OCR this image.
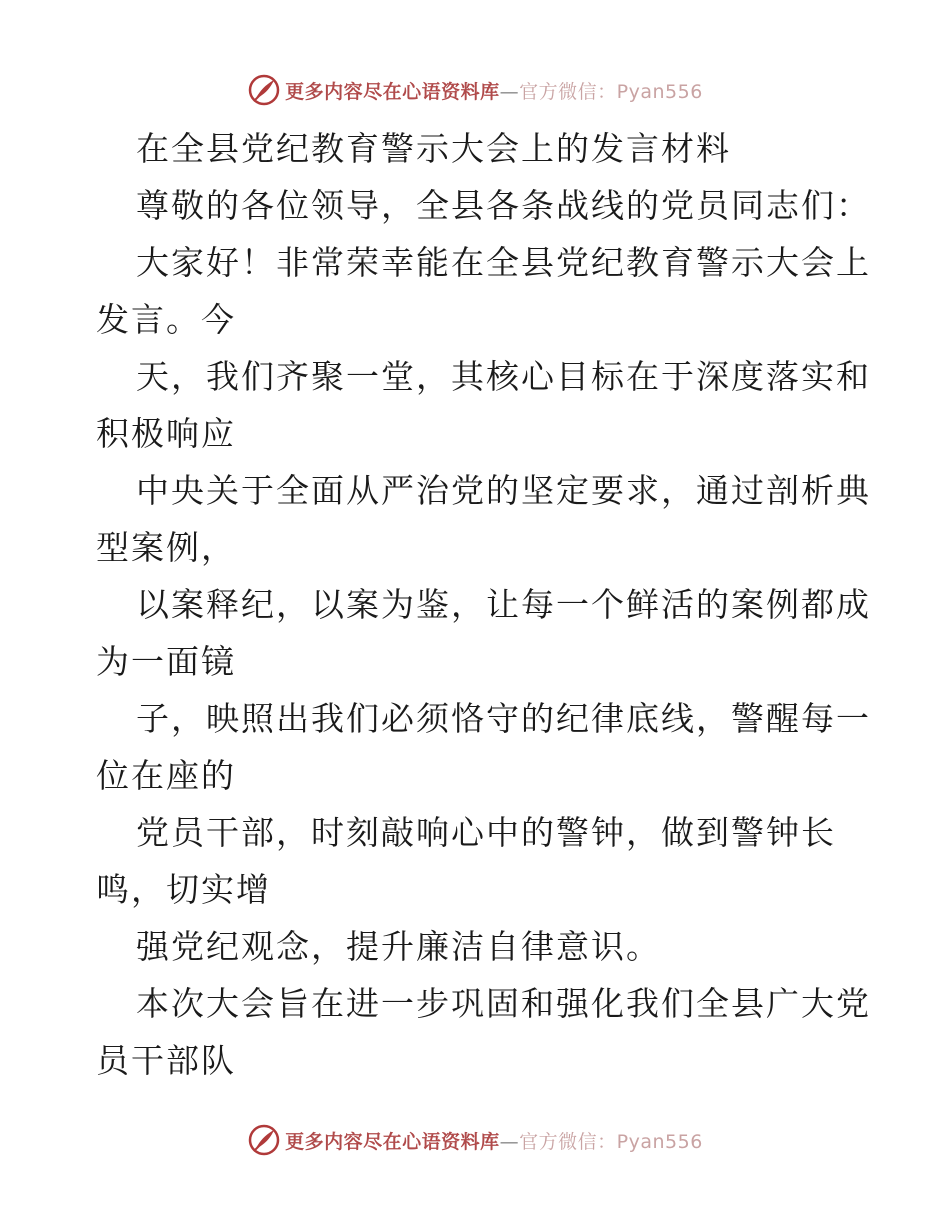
更多内容尽在心语资料库—官方微信：Pyan556
在全县党纪教育警示大会上的发言材料
尊敬的各位领导，全县各条战线的党员同志们：
大家好！非常荣幸能在全县党纪教育警示大会上
发言。今
天，我们齐聚一堂，其核心目标在于深度落实和
积极响应
中央关于全面从严治党的坚定要求，通过剖析典
型案例，
以案释纪，以案为鉴，让每一个鲜活的案例都成
为一面镜
子，映照出我们必须恪守的纪律底线，警醒每一
位在座的
党员干部，时刻敲响心中的警钟，做到警钟长
鸣，切实增
强党纪观念，提升廉洁自律意识。
本次大会旨在进一步巩固和强化我们全县广大党
员干部队
更多内容尽在心语资料库—官方微信：Pyan556
